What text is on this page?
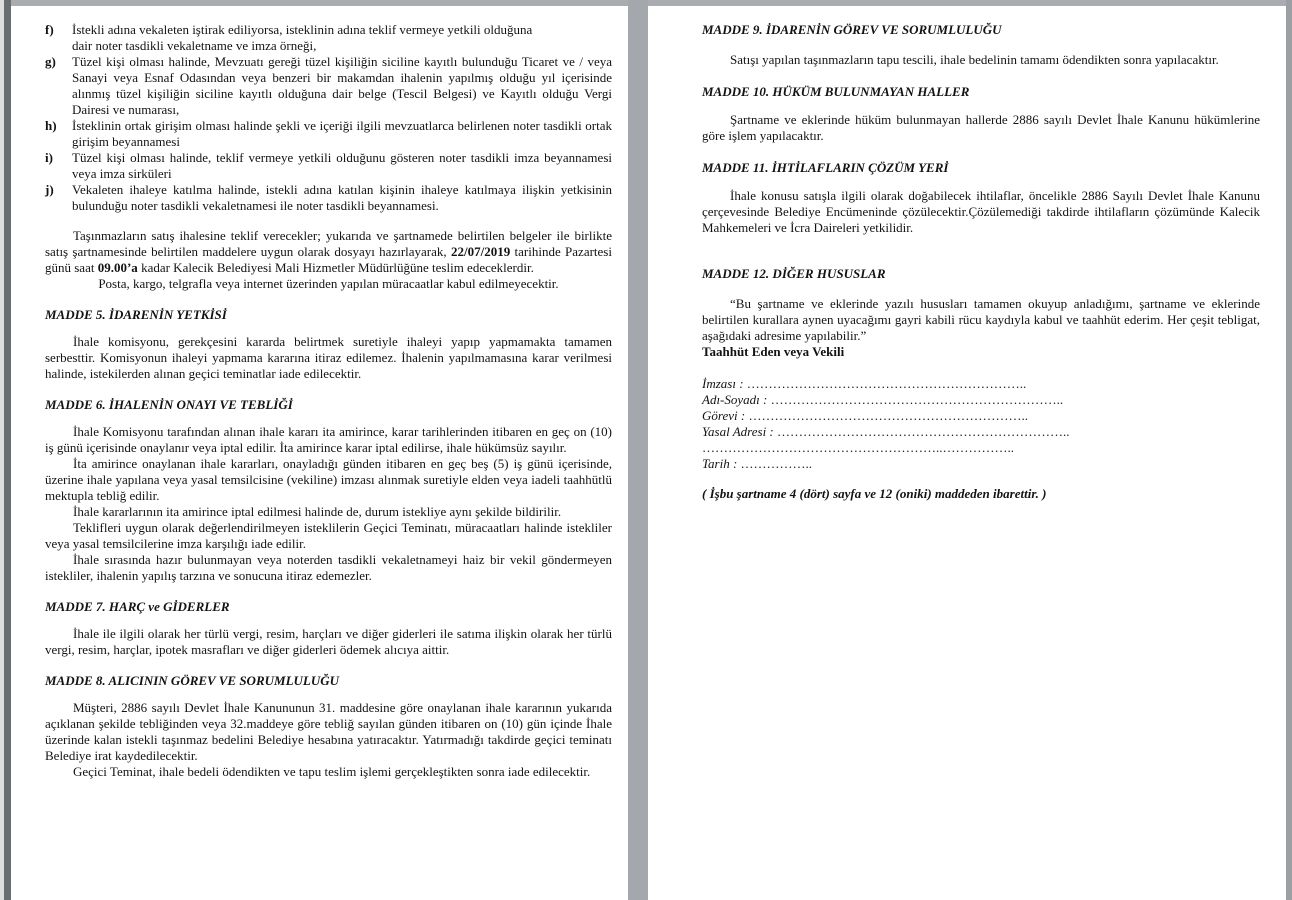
f) İstekli adına vekaleten iştirak ediliyorsa, isteklinin adına teklif vermeye yetkili olduğuna
dair noter tasdikli vekaletname ve imza örneği,
g) Tüzel kişi olması halinde, Mevzuatı gereği tüzel kişiliğin siciline kayıtlı bulunduğu Ticaret ve / veya Sanayi veya Esnaf Odasından veya benzeri bir makamdan ihalenin yapılmış olduğu yıl içerisinde alınmış tüzel kişiliğin siciline kayıtlı olduğuna dair belge (Tescil Belgesi) ve Kayıtlı olduğu Vergi Dairesi ve numarası,
h) İsteklinin ortak girişim olması halinde şekli ve içeriği ilgili mevzuatlarca belirlenen noter tasdikli ortak girişim beyannamesi
i) Tüzel kişi olması halinde, teklif vermeye yetkili olduğunu gösteren noter tasdikli imza beyannamesi veya imza sirküleri
j) Vekaleten ihaleye katılma halinde, istekli adına katılan kişinin ihaleye katılmaya ilişkin yetkisinin bulunduğu noter tasdikli vekaletnamesi ile noter tasdikli beyannamesi.

Taşınmazların satış ihalesine teklif verecekler; yukarıda ve şartnamede belirtilen belgeler ile birlikte satış şartnamesinde belirtilen maddelere uygun olarak dosyayı hazırlayarak, 22/07/2019 tarihinde Pazartesi günü saat 09.00’a kadar Kalecik Belediyesi Mali Hizmetler Müdürlüğüne teslim edeceklerdir.

Posta, kargo, telgrafla veya internet üzerinden yapılan müracaatlar kabul edilmeyecektir.

MADDE 5. İDARENİN YETKİSİ

İhale komisyonu, gerekçesini kararda belirtmek suretiyle ihaleyi yapıp yapmamakta tamamen serbesttir. Komisyonun ihaleyi yapmama kararına itiraz edilemez. İhalenin yapılmamasına karar verilmesi halinde, istekilerden alınan geçici teminatlar iade edilecektir.

MADDE 6. İHALENİN ONAYI VE TEBLİĞİ

İhale Komisyonu tarafından alınan ihale kararı ita amirince, karar tarihlerinden itibaren en geç on (10) iş günü içerisinde onaylanır veya iptal edilir. İta amirince karar iptal edilirse, ihale hükümsüz sayılır.

İta amirince onaylanan ihale kararları, onayladığı günden itibaren en geç beş (5) iş günü içerisinde, üzerine ihale yapılana veya yasal temsilcisine (vekiline) imzası alınmak suretiyle elden veya iadeli taahhütlü mektupla tebliğ edilir.

İhale kararlarının ita amirince iptal edilmesi halinde de, durum istekliye aynı şekilde bildirilir.

Teklifleri uygun olarak değerlendirilmeyen isteklilerin Geçici Teminatı, müracaatları halinde istekliler veya yasal temsilcilerine imza karşılığı iade edilir.

İhale sırasında hazır bulunmayan veya noterden tasdikli vekaletnameyi haiz bir vekil göndermeyen istekliler, ihalenin yapılış tarzına ve sonucuna itiraz edemezler.

MADDE 7. HARÇ ve GİDERLER

İhale ile ilgili olarak her türlü vergi, resim, harçları ve diğer giderleri ile satıma ilişkin olarak her türlü vergi, resim, harçlar, ipotek masrafları ve diğer giderleri ödemek alıcıya aittir.

MADDE 8. ALICININ GÖREV VE SORUMLULUĞU

Müşteri, 2886 sayılı Devlet İhale Kanununun 31. maddesine göre onaylanan ihale kararının yukarıda açıklanan şekilde tebliğinden veya 32.maddeye göre tebliğ sayılan günden itibaren on (10) gün içinde İhale üzerinde kalan istekli taşınmaz bedelini Belediye hesabına yatıracaktır. Yatırmadığı takdirde geçici teminatı Belediye irat kaydedilecektir.

Geçici Teminat, ihale bedeli ödendikten ve tapu teslim işlemi gerçekleştikten sonra iade edilecektir.

MADDE 9. İDARENİN GÖREV VE SORUMLULUĞU

Satışı yapılan taşınmazların tapu tescili, ihale bedelinin tamamı ödendikten sonra yapılacaktır.

MADDE 10. HÜKÜM BULUNMAYAN HALLER

Şartname ve eklerinde hüküm bulunmayan hallerde 2886 sayılı Devlet İhale Kanunu hükümlerine göre işlem yapılacaktır.

MADDE 11. İHTİLAFLARIN ÇÖZÜM YERİ

İhale konusu satışla ilgili olarak doğabilecek ihtilaflar, öncelikle 2886 Sayılı Devlet İhale Kanunu çerçevesinde Belediye Encümeninde çözülecektir.Çözülemediği takdirde ihtilafların çözümünde Kalecik Mahkemeleri ve İcra Daireleri yetkilidir.

MADDE 12. DİĞER HUSUSLAR

“Bu şartname ve eklerinde yazılı hususları tamamen okuyup anladığımı, şartname ve eklerinde belirtilen kurallara aynen uyacağımı gayri kabili rücu kaydıyla kabul ve taahhüt ederim. Her çeşit tebligat, aşağıdaki adresime yapılabilir.”

Taahhüt Eden veya Vekili

İmzası : ………………………………………………………..

Adı-Soyadı : …………………………………………………………..

Görevi : ………………………………………………………..

Yasal Adresi : …………………………………………………………..

………………………………………………..……………..

Tarih : ……………..

( İşbu şartname 4 (dört) sayfa ve 12 (oniki) maddeden ibarettir. )
